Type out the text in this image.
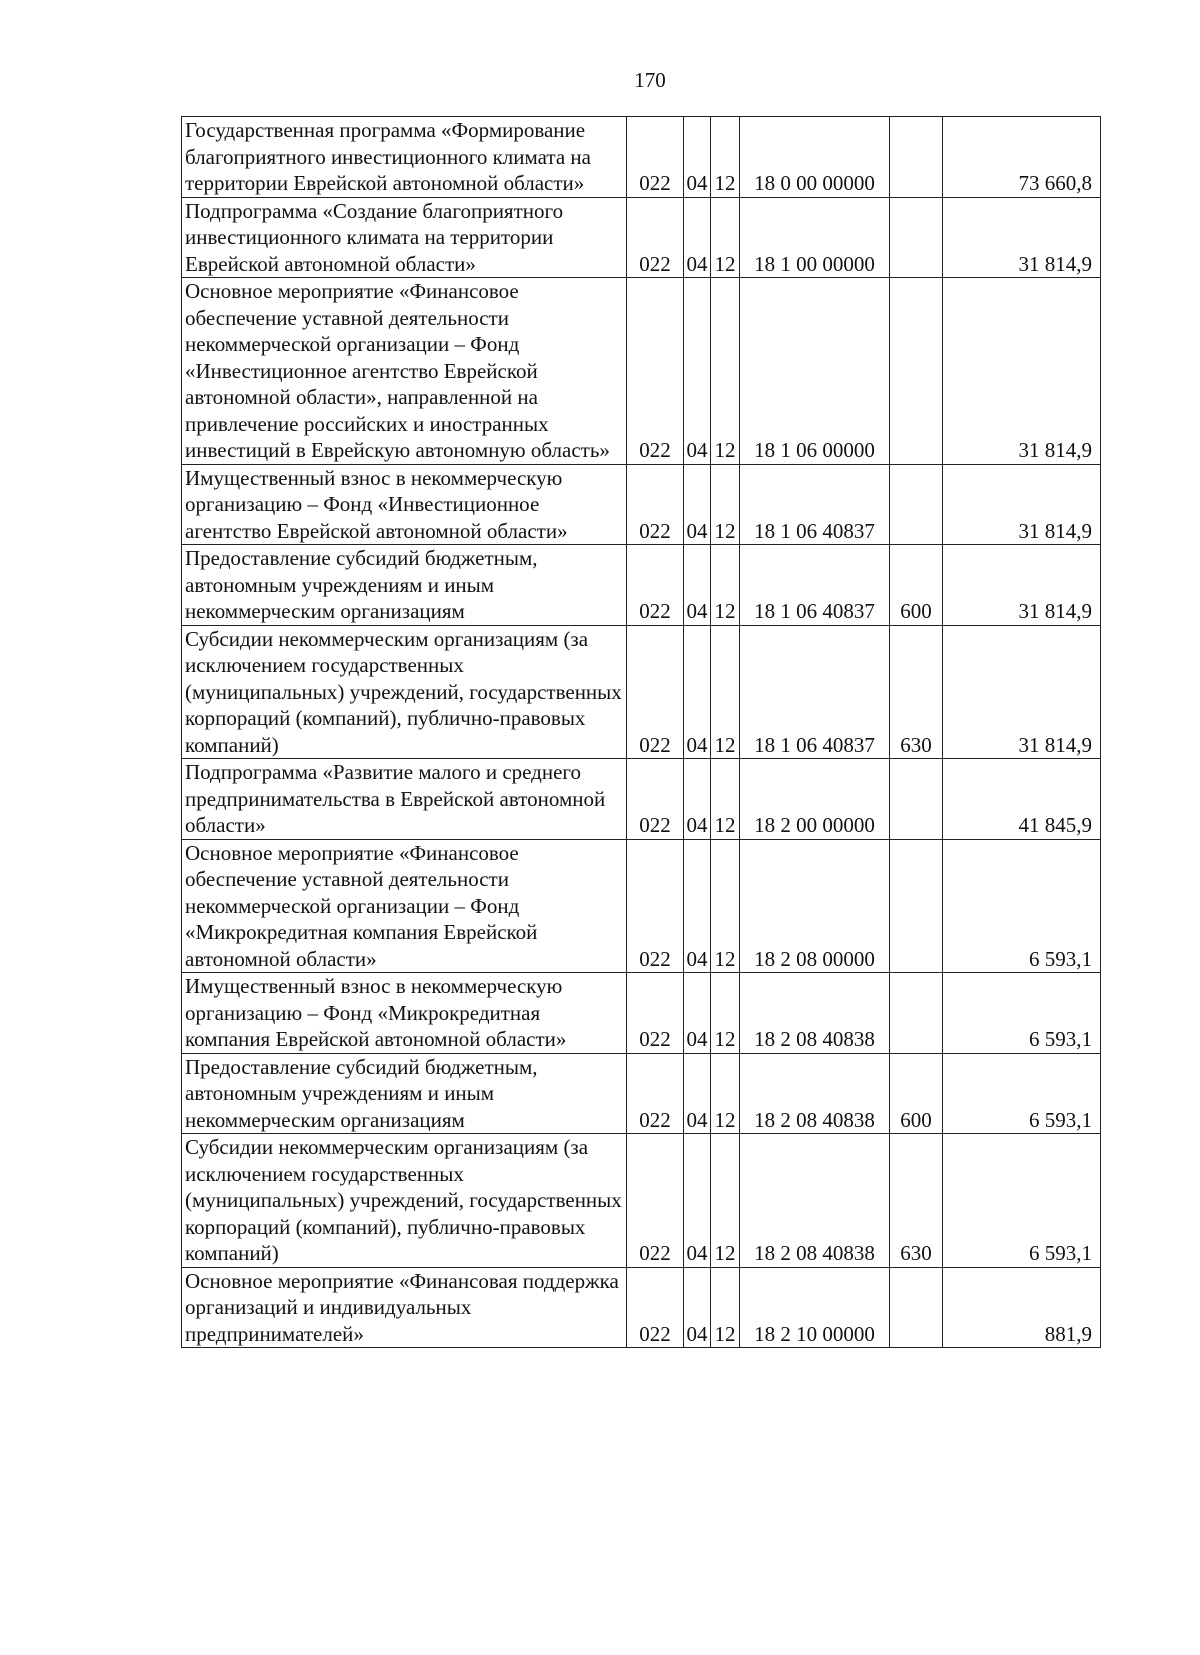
170
Государственная программа «Формирование благоприятного инвестиционного климата на территории Еврейской автономной области»	022	04	12	18 0 00 00000		73 660,8
Подпрограмма «Создание благоприятного инвестиционного климата на территории Еврейской автономной области»	022	04	12	18 1 00 00000		31 814,9
Основное мероприятие «Финансовое обеспечение уставной деятельности некоммерческой организации – Фонд «Инвестиционное агентство Еврейской автономной области», направленной на привлечение российских и иностранных инвестиций в Еврейскую автономную область»	022	04	12	18 1 06 00000		31 814,9
Имущественный взнос в некоммерческую организацию – Фонд «Инвестиционное агентство Еврейской автономной области»	022	04	12	18 1 06 40837		31 814,9
Предоставление субсидий бюджетным, автономным учреждениям и иным некоммерческим организациям	022	04	12	18 1 06 40837	600	31 814,9
Субсидии некоммерческим организациям (за исключением государственных (муниципальных) учреждений, государственных корпораций (компаний), публично-правовых компаний)	022	04	12	18 1 06 40837	630	31 814,9
Подпрограмма «Развитие малого и среднего предпринимательства в Еврейской автономной области»	022	04	12	18 2 00 00000		41 845,9
Основное мероприятие «Финансовое обеспечение уставной деятельности некоммерческой организации – Фонд «Микрокредитная компания Еврейской автономной области»	022	04	12	18 2 08 00000		6 593,1
Имущественный взнос в некоммерческую организацию – Фонд «Микрокредитная компания Еврейской автономной области»	022	04	12	18 2 08 40838		6 593,1
Предоставление субсидий бюджетным, автономным учреждениям и иным некоммерческим организациям	022	04	12	18 2 08 40838	600	6 593,1
Субсидии некоммерческим организациям (за исключением государственных (муниципальных) учреждений, государственных корпораций (компаний), публично-правовых компаний)	022	04	12	18 2 08 40838	630	6 593,1
Основное мероприятие «Финансовая поддержка организаций и индивидуальных предпринимателей»	022	04	12	18 2 10 00000		881,9
